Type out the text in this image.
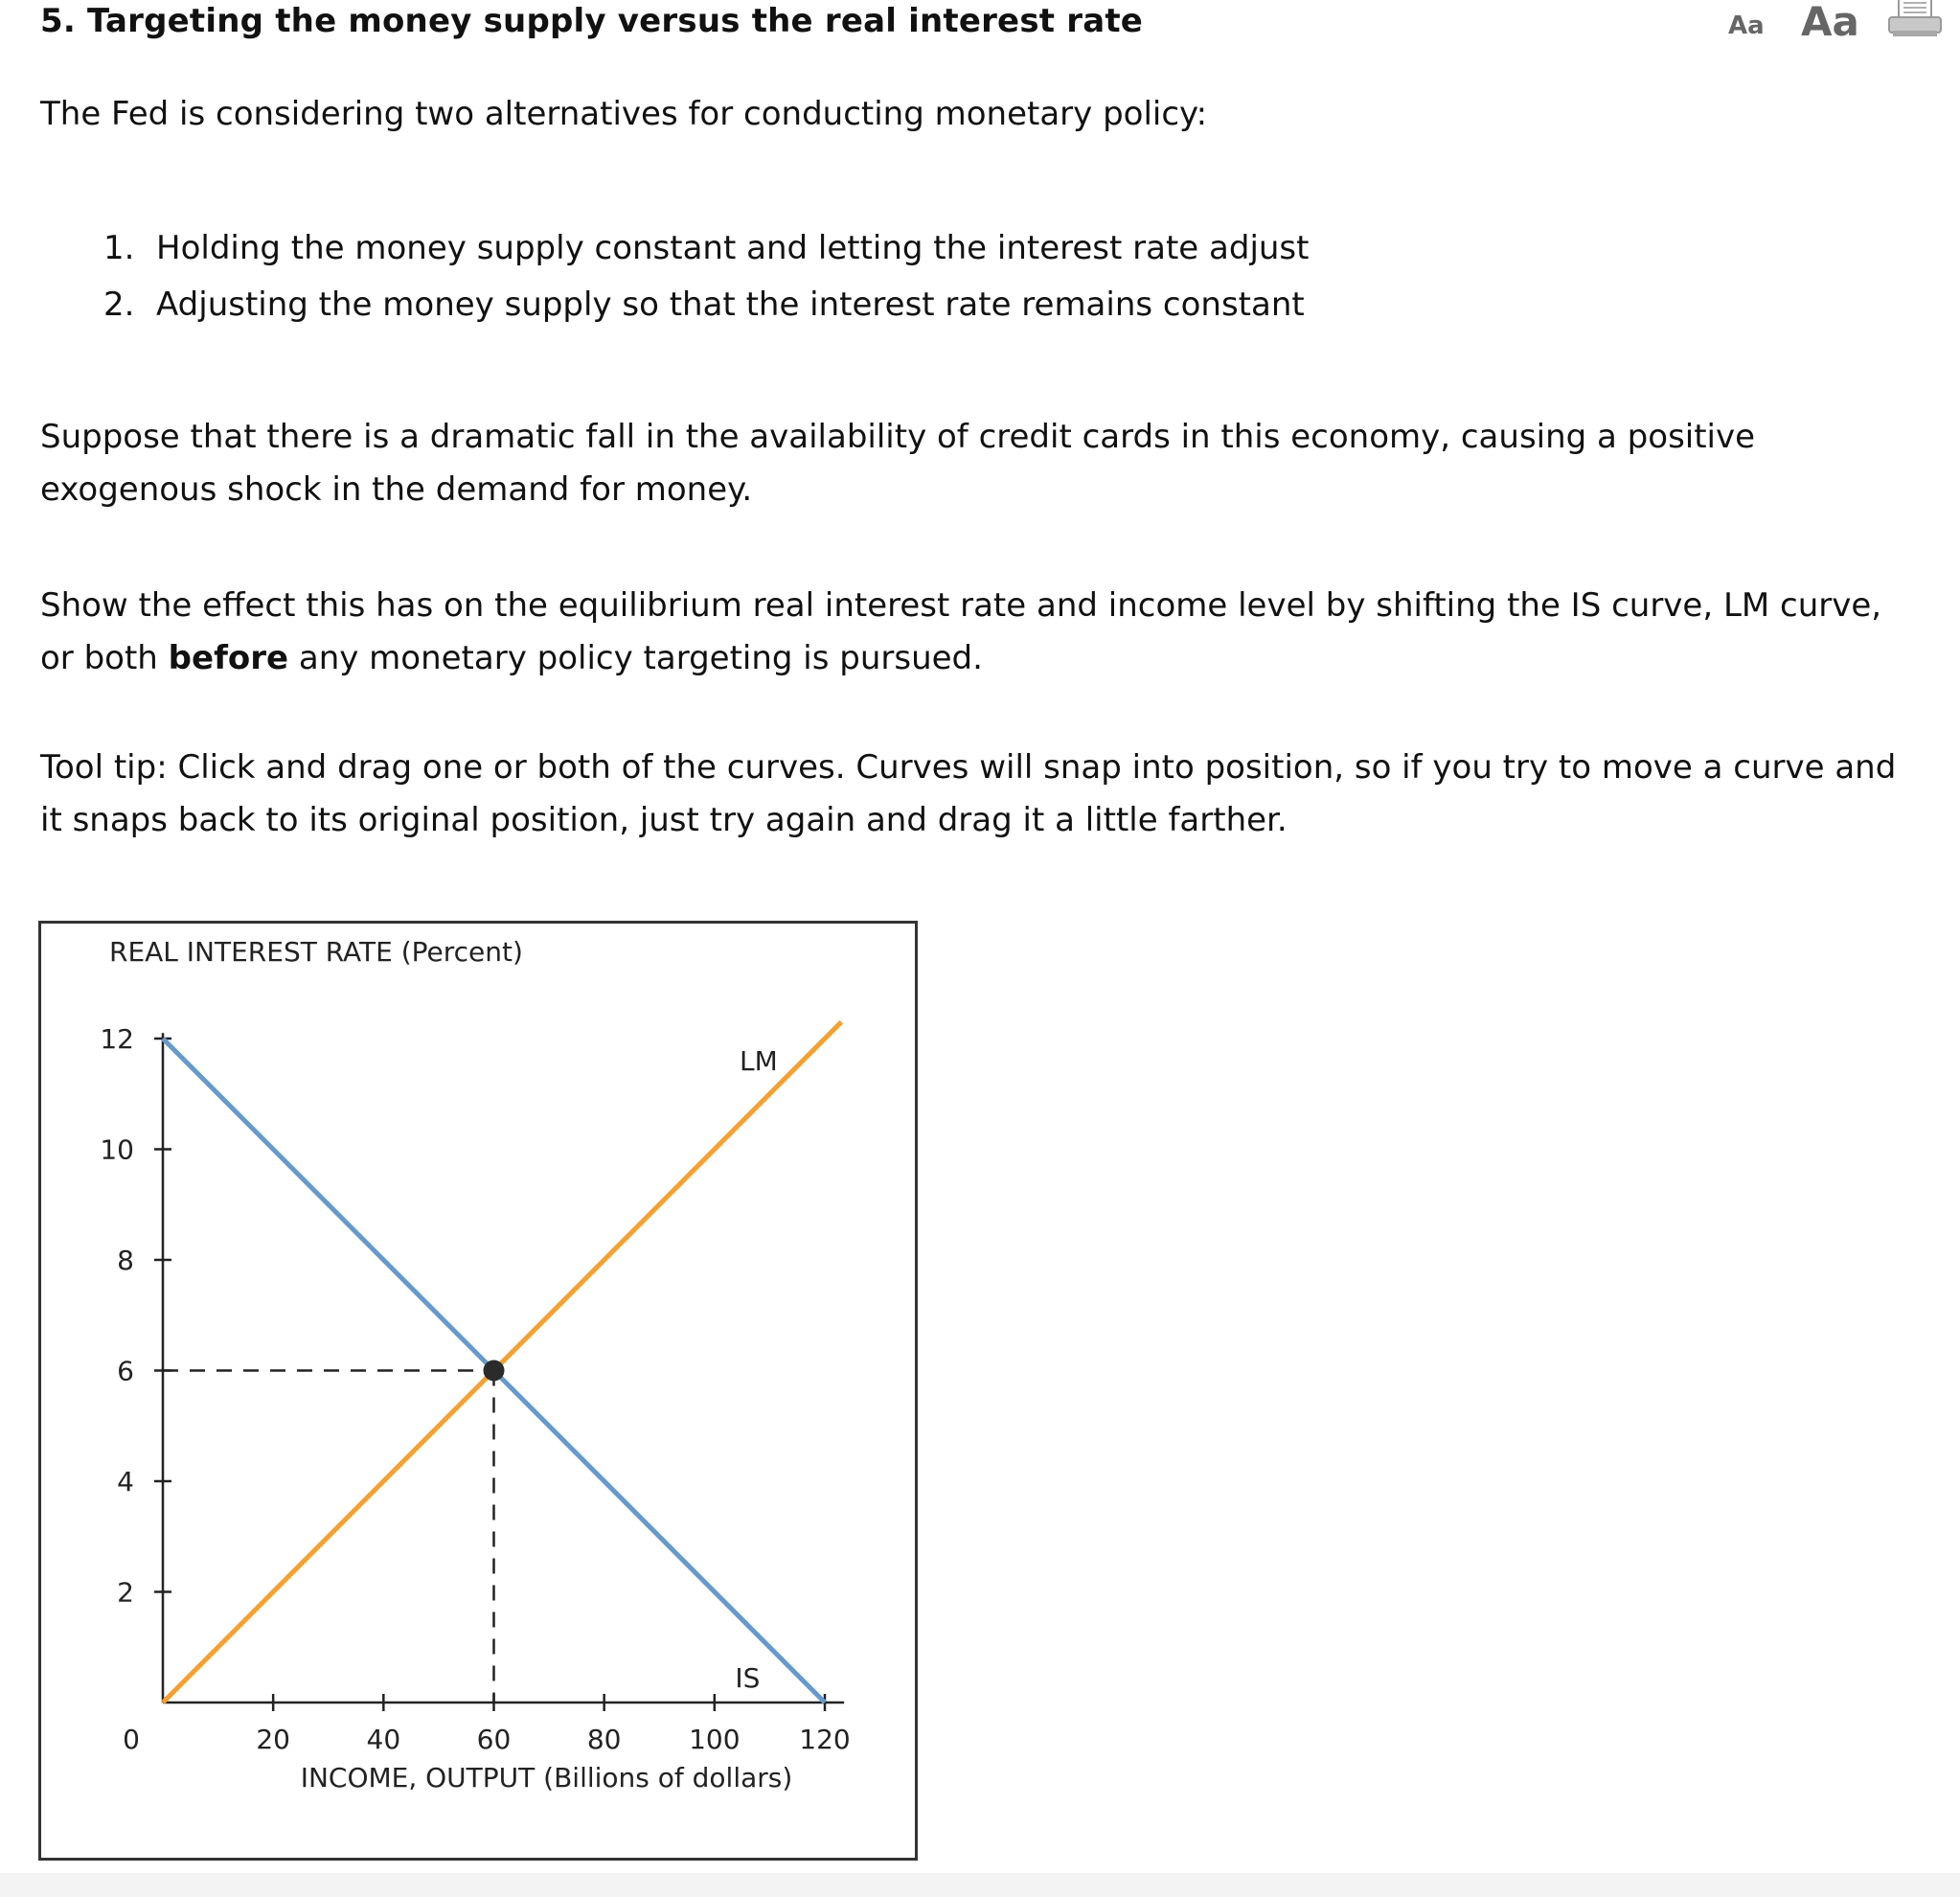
5. Targeting the money supply versus the real interest rate	Aa Aa
The Fed is considering two alternatives for conducting monetary policy:
1. Holding the money supply constant and letting the interest rate adjust
2. Adjusting the money supply so that the interest rate remains constant
Suppose that there is a dramatic fall in the availability of credit cards in this economy, causing a positive exogenous shock in the demand for money.
Show the effect this has on the equilibrium real interest rate and income level by shifting the IS curve, LM curve, or both before any monetary policy targeting is pursued.
Tool tip: Click and drag one or both of the curves. Curves will snap into position, so if you try to move a curve and it snaps back to its original position, just try again and drag it a little farther.
REAL INTEREST RATE (Percent)
INCOME, OUTPUT (Billions of dollars)
2
4
6
8
10
12
20	40	60	80	100 120
0
IS
LM
